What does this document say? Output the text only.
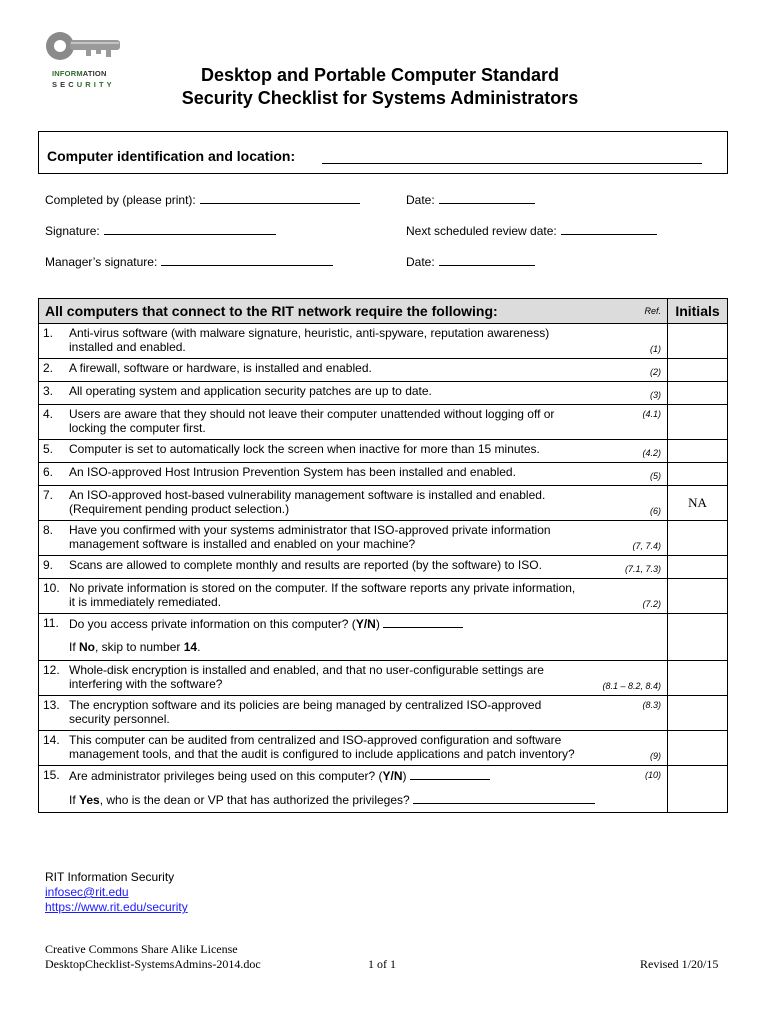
INFORMATION
SECURITY	Desktop and Portable Computer Standard
Security Checklist for Systems Administrators
Computer identification and location:
Completed by (please print):	Date:
Signature:	Next scheduled review date:
Manager’s signature:	Date:
All computers that connect to the RIT network require the following: Ref.	Initials

1. Anti-virus software (with malware signature, heuristic, anti-spyware, reputation awareness) installed and enabled. (1)	

2. A firewall, software or hardware, is installed and enabled. (2)	

3. All operating system and application security patches are up to date. (3)	

4. Users are aware that they should not leave their computer unattended without logging off or locking the computer first.
(4.1)	

5. Computer is set to automatically lock the screen when inactive for more than 15 minutes. (4.2)	

6. An ISO-approved Host Intrusion Prevention System has been installed and enabled. (5)	

7. An ISO-approved host-based vulnerability management software is installed and enabled. (Requirement pending product selection.) (6)	NA

8. Have you confirmed with your systems administrator that ISO-approved private information management software is installed and enabled on your machine? (7, 7.4)	

9. Scans are allowed to complete monthly and results are reported (by the software) to ISO. (7.1, 7.3)	

10. No private information is stored on the computer. If the software reports any private information, it is immediately remediated. (7.2)	

11. Do you access private information on this computer? (Y/N)
If No, skip to number 14.	

12. Whole-disk encryption is installed and enabled, and that no user-configurable settings are interfering with the software? (8.1 – 8.2, 8.4)	

13. The encryption software and its policies are being managed by centralized ISO-approved security personnel.
(8.3)	

14. This computer can be audited from centralized and ISO-approved configuration and software management tools, and that the audit is configured to include applications and patch inventory? (9)	

15. Are administrator privileges being used on this computer? (Y/N)
If Yes, who is the dean or VP that has authorized the privileges?
(10)	

RIT Information Security
infosec@rit.edu
https://www.rit.edu/security
Creative Commons Share Alike License
DesktopChecklist-SystemsAdmins-2014.doc	1 of 1	Revised 1/20/15
